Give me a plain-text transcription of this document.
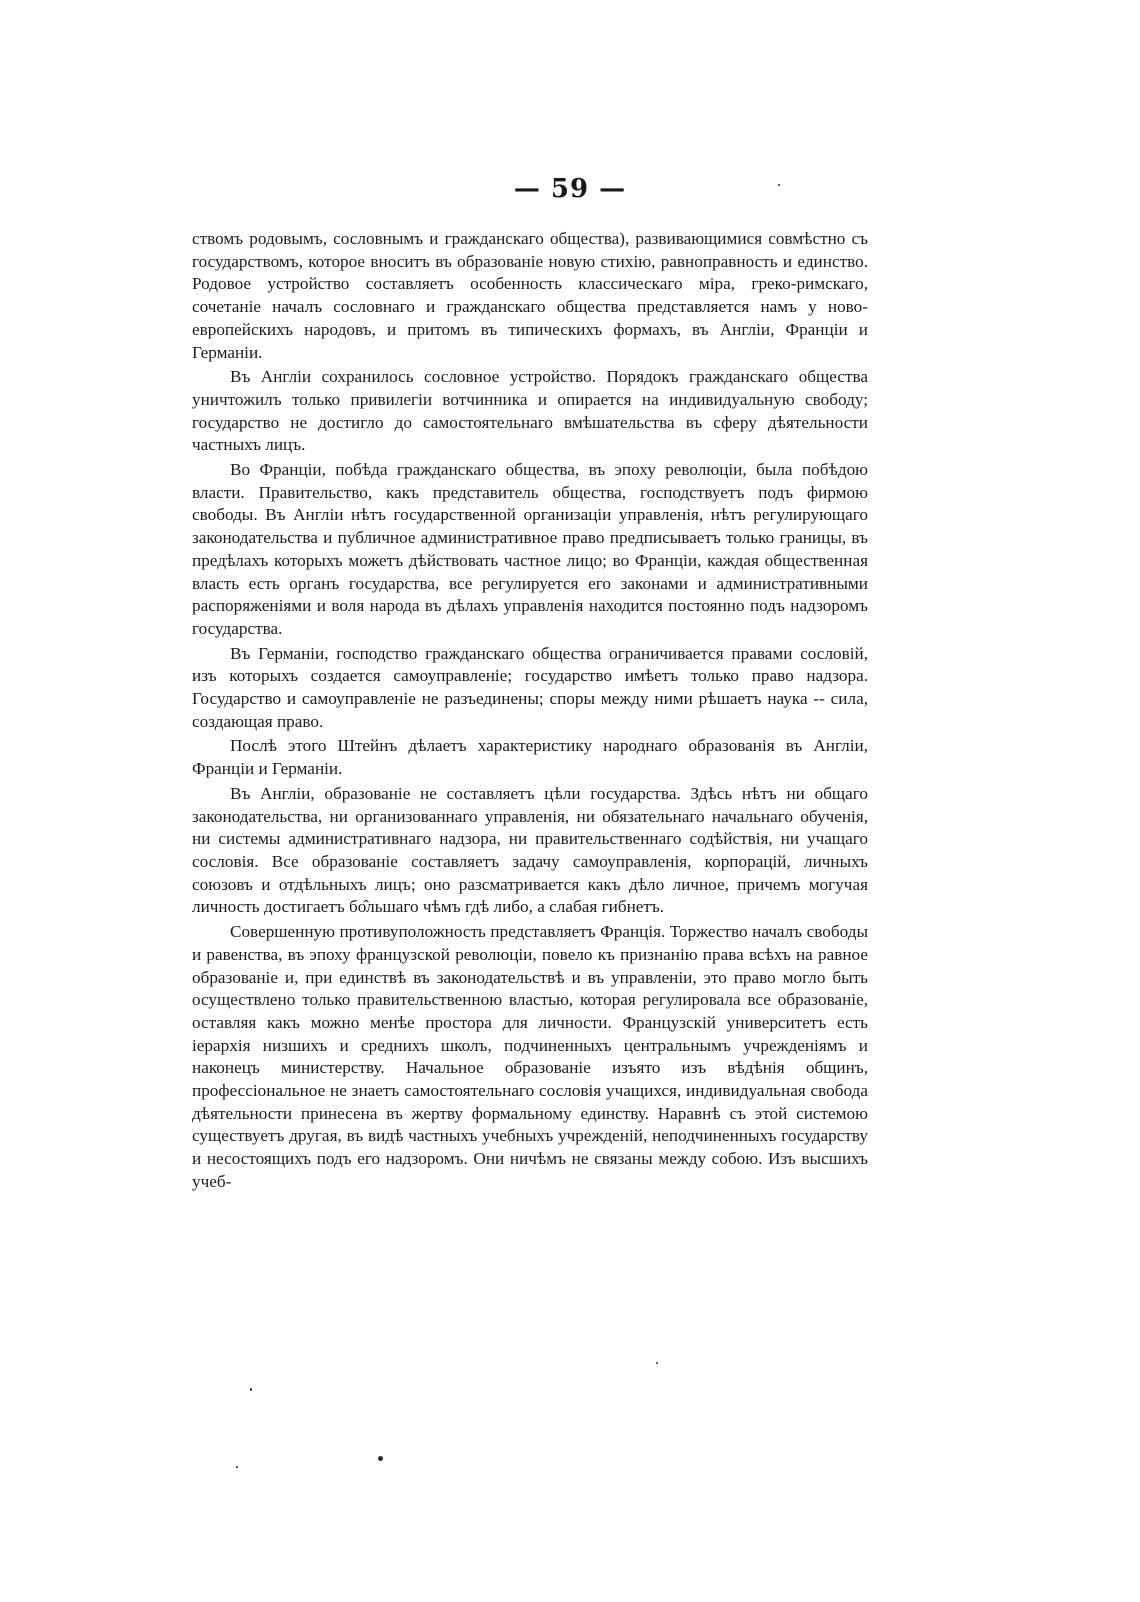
— 59 —

ствомъ родовымъ, сословнымъ и гражданскаго общества), развивающимися совмѣстно съ государствомъ, которое вноситъ въ образованіе новую стихію, равноправность и единство. Родовое устройство составляетъ особенность классическаго міра, греко-римскаго, сочетаніе началъ сословнаго и гражданскаго общества представляется намъ у ново-европейскихъ народовъ, и притомъ въ типическихъ формахъ, въ Англіи, Франціи и Германіи.

Въ Англіи сохранилось сословное устройство. Порядокъ гражданскаго общества уничтожилъ только привилегіи вотчинника и опирается на индивидуальную свободу; государство не достигло до самостоятельнаго вмѣшательства въ сферу дѣятельности частныхъ лицъ.

Во Франціи, побѣда гражданскаго общества, въ эпоху революціи, была побѣдою власти. Правительство, какъ представитель общества, господствуетъ подъ фирмою свободы. Въ Англіи нѣтъ государственной организаціи управленія, нѣтъ регулирующаго законодательства и публичное административное право предписываетъ только границы, въ предѣлахъ которыхъ можетъ дѣйствовать частное лицо; во Франціи, каждая общественная власть есть органъ государства, все регулируется его законами и административными распоряженіями и воля народа въ дѣлахъ управленія находится постоянно подъ надзоромъ государства.

Въ Германіи, господство гражданскаго общества ограничивается правами сословій, изъ которыхъ создается самоуправленіе; государство имѣетъ только право надзора. Государство и самоуправленіе не разъединены; споры между ними рѣшаетъ наука -- сила, создающая право.

Послѣ этого Штейнъ дѣлаетъ характеристику народнаго образованія въ Англіи, Франціи и Германіи.

Въ Англіи, образованіе не составляетъ цѣли государства. Здѣсь нѣтъ ни общаго законодательства, ни организованнаго управленія, ни обязательнаго начальнаго обученія, ни системы административнаго надзора, ни правительственнаго содѣйствія, ни учащаго сословія. Все образованіе составляетъ задачу самоуправленія, корпорацій, личныхъ союзовъ и отдѣльныхъ лицъ; оно разсматривается какъ дѣло личное, причемъ могучая личность достигаетъ бо̂льшаго чѣмъ гдѣ либо, а слабая гибнетъ.

Совершенную противуположность представляетъ Франція. Торжество началъ свободы и равенства, въ эпоху французской революціи, повело къ признанію права всѣхъ на равное образованіе и, при единствѣ въ законодательствѣ и въ управленіи, это право могло быть осуществлено только правительственною властью, которая регулировала все образованіе, оставляя какъ можно менѣе простора для личности. Французскій университетъ есть іерархія низшихъ и среднихъ школъ, подчиненныхъ центральнымъ учрежденіямъ и наконецъ министерству. Начальное образованіе изъято изъ вѣдѣнія общинъ, профессіональное не знаетъ самостоятельнаго сословія учащихся, индивидуальная свобода дѣятельности принесена въ жертву формальному единству. Наравнѣ съ этой системою существуетъ другая, въ видѣ частныхъ учебныхъ учрежденій, неподчиненныхъ государству и несостоящихъ подъ его надзоромъ. Они ничѣмъ не связаны между собою. Изъ высшихъ учеб-
